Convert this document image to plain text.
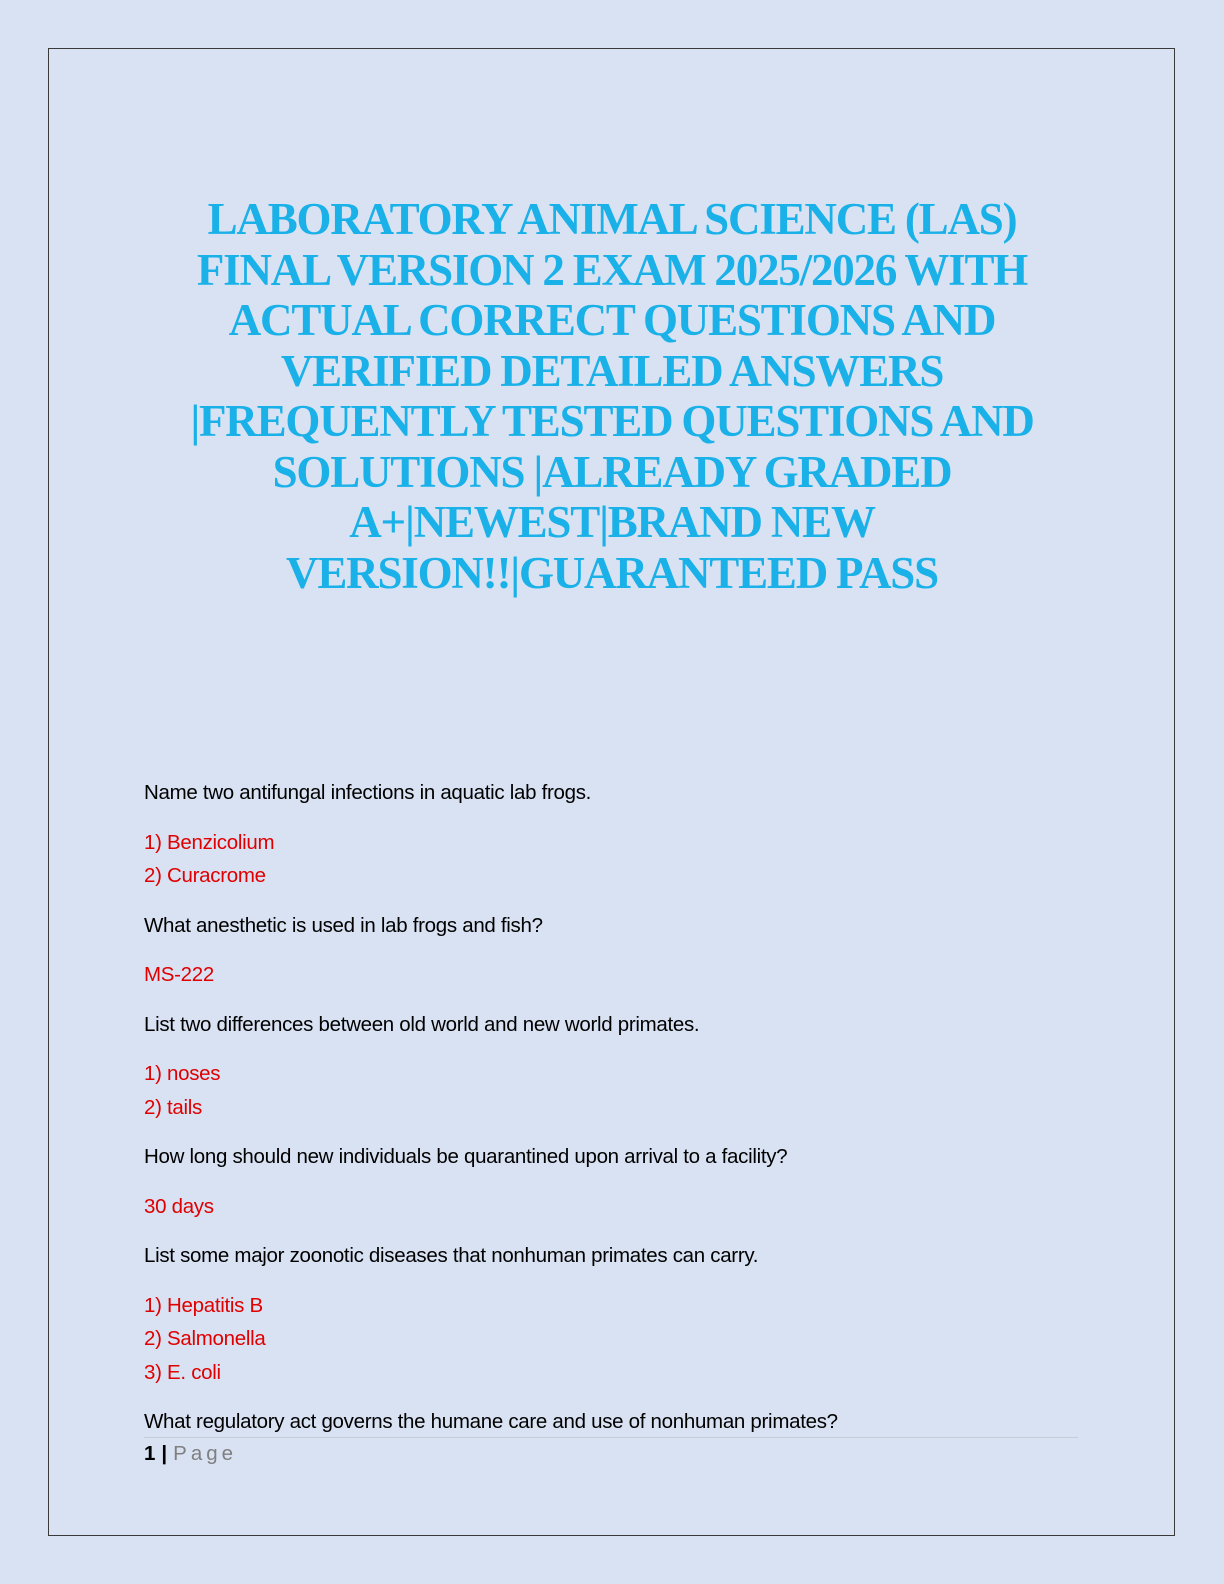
LABORATORY ANIMAL SCIENCE (LAS)
FINAL VERSION 2 EXAM 2025/2026 WITH
ACTUAL CORRECT QUESTIONS AND
VERIFIED DETAILED ANSWERS
|FREQUENTLY TESTED QUESTIONS AND
SOLUTIONS |ALREADY GRADED
A+|NEWEST|BRAND NEW
VERSION!!|GUARANTEED PASS

Name two antifungal infections in aquatic lab frogs.

1) Benzicolium
2) Curacrome

What anesthetic is used in lab frogs and fish?

MS-222

List two differences between old world and new world primates.

1) noses
2) tails

How long should new individuals be quarantined upon arrival to a facility?

30 days

List some major zoonotic diseases that nonhuman primates can carry.

1) Hepatitis B
2) Salmonella
3) E. coli

What regulatory act governs the humane care and use of nonhuman primates?

1 | Page
